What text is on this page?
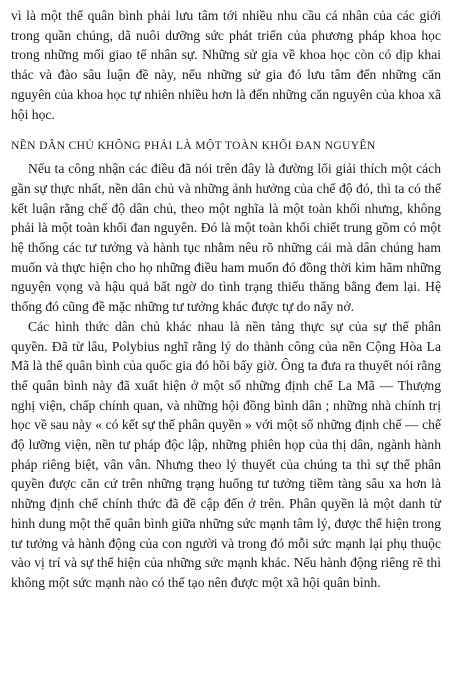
vì là một thế quân bình phải lưu tâm tới nhiều nhu cầu cá nhân của các giới trong quần chúng, dã nuôi dưỡng sức phát triển của phương pháp khoa học trong những mối giao tế nhân sự. Những sử gia về khoa học còn có dịp khai thác và đào sâu luận đề này, nếu những sử gia đó lưu tâm đến những căn nguyên của khoa học tự nhiên nhiều hơn là đến những căn nguyên của khoa xã hội học.

NỀN DÂN CHỦ KHÔNG PHẢI LÀ MỘT TOÀN KHỐI ĐAN NGUYÊN

Nếu ta công nhận các điều đã nói trên đây là đường lối giải thích một cách gần sự thực nhất, nền dân chủ và những ảnh hưởng của chế độ đó, thì ta có thể kết luận rằng chế độ dân chủ, theo một nghĩa là một toàn khối nhưng, không phải là một toàn khối đan nguyên. Đó là một toàn khối chiết trung gồm có một hệ thống các tư tưởng và hành tục nhằm nêu rõ những cái mà dân chúng ham muốn và thực hiện cho họ những điều ham muốn đó đồng thời kìm hãm những nguyện vọng và hậu quả bất ngờ do tình trạng thiếu thăng bằng đem lại. Hệ thống đó cũng đề mặc những tư tưởng khác được tự do nẩy nở.

Các hình thức dân chủ khác nhau là nền tảng thực sự của sự thế phân quyền. Đã từ lâu, Polybius nghĩ rằng lý do thành công của nền Cộng Hòa La Mã là thế quân bình của quốc gia đó hồi bấy giờ. Ông ta đưa ra thuyết nói rằng thế quân bình này đã xuất hiện ở một số những định chế La Mã — Thượng nghị viện, chấp chính quan, và những hội đồng bình dân ; những nhà chính trị học về sau này « có kết sự thế phân quyền » với một số những định chế — chế độ lưỡng viện, nền tư pháp độc lập, những phiên họp của thị dân, ngành hành pháp riêng biệt, vân vân. Nhưng theo lý thuyết của chúng ta thì sự thế phân quyền được căn cứ trên những trạng huống tư tưởng tiềm tàng sâu xa hơn là những định chế chính thức đã đề cập đến ở trên. Phân quyền là một danh từ hình dung một thế quân bình giữa những sức mạnh tâm lý, được thể hiện trong tư tưởng và hành động của con người và trong đó mỗi sức mạnh lại phụ thuộc vào vị trí và sự thể hiện của những sức mạnh khác. Nếu hành động riêng rẽ thì không một sức mạnh nào có thể tạo nên được một xã hội quân bình.
